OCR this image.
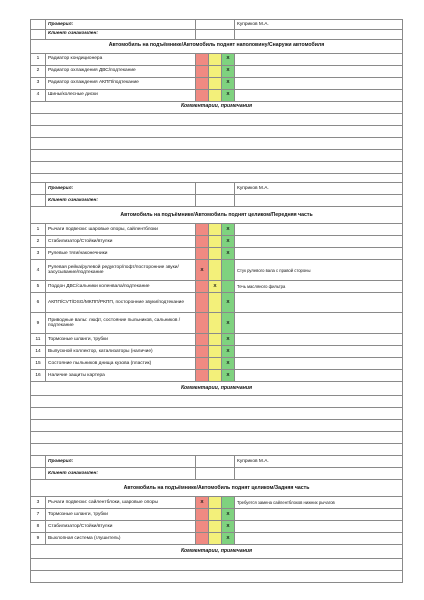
	Проверил:				Куприков М.А.
	Клиент ознакомлен:				
Автомобиль на подъёмнике/Автомобиль поднят наполовину/Снаружи автомобиля					
1	Радиатор кондиционера			X	
2	Радиатор охлаждения ДВС/подтекание			X	
3	Радиатор охлаждения АКПП/подтекание			X	
4	Шины/колесные диски			X	
Комментарии, примечания					

	Проверил:				Куприков М.А.
	Клиент ознакомлен:				
Автомобиль на подъёмнике/Автомобиль поднят целиком/Передняя часть					
1	Рычаги подвески: шаровые опоры, сайлентблоки			X	
2	Стабилизатор/Стойки/втулки			X	
3	Рулевые тяги/наконечники			X	
4	Рулевая рейка/рулевой редуктор/пофт/посторонние звуки/засусывание/подтекание	X			Стук рулевого вала с правой стороны
5	Поддон ДВС/сальники коленвала/подтекание		X		Течь масляного фильтра
6	АКПП/CVT/DSG/МКПП/РКПП, посторонние звуки/подтекание			X	
9	Приводные валы: люфт, состояние пыльников, сальников / подтекание			X	
11	Тормозные шланги, трубки			X	
14	Выпускной коллектор, катализаторы (наличие)			X	
15	Состояние пыльников днища кузова (пластик)			X	
16	Наличие защиты картера			X	
Комментарии, примечания					

	Проверил:				Куприков М.А.
	Клиент ознакомлен:				
Автомобиль на подъёмнике/Автомобиль поднят целиком/Задняя часть					
3	Рычаги подвески: сайлентблоки, шаровые опоры	X			Требуется замена сайлентблоков нижних рычагов
7	Тормозные шланги, трубки			X	
8	Стабилизатор/Стойки/втулки			X	
9	Выхлопная система (глушитель)			X	
Комментарии, примечания					
